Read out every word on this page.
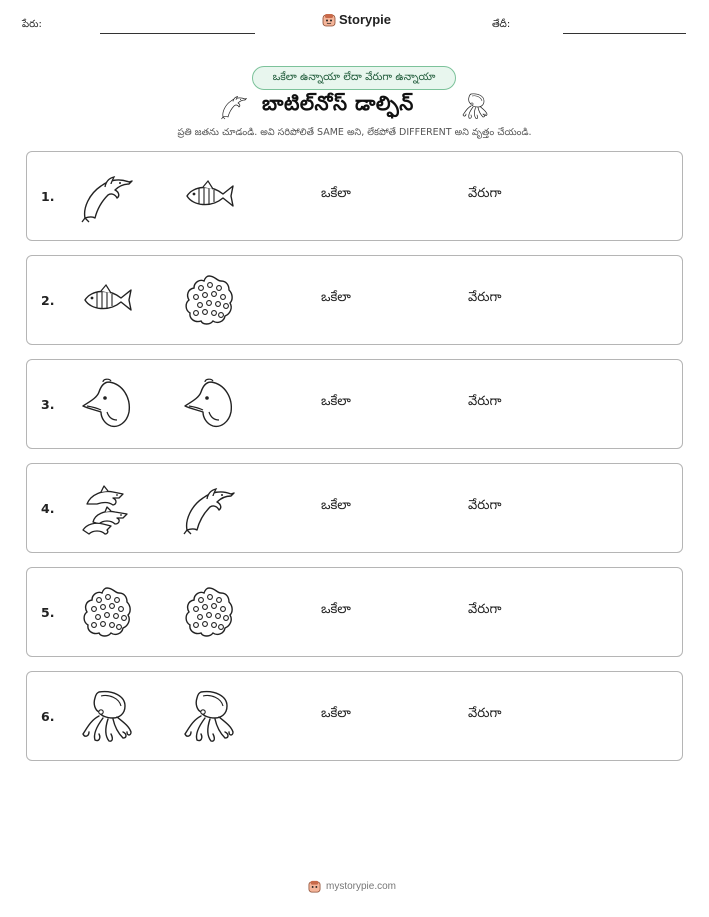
పేరు:	Storypie	తేదీ:
ఒకేలా ఉన్నాయా లేదా వేరుగా ఉన్నాయా
బాటిల్‌నోస్ డాల్ఫిన్
ప్రతి జతను చూడండి. అవి సరిపోలితే SAME అని, లేకపోతే DIFFERENT అని వృత్తం చేయండి.
1.	ఒకేలా	వేరుగా
2.	ఒకేలా	వేరుగా
3.	ఒకేలా	వేరుగా
4.	ఒకేలా	వేరుగా
5.	ఒకేలా	వేరుగా
6.	ఒకేలా	వేరుగా
mystorypie.com
